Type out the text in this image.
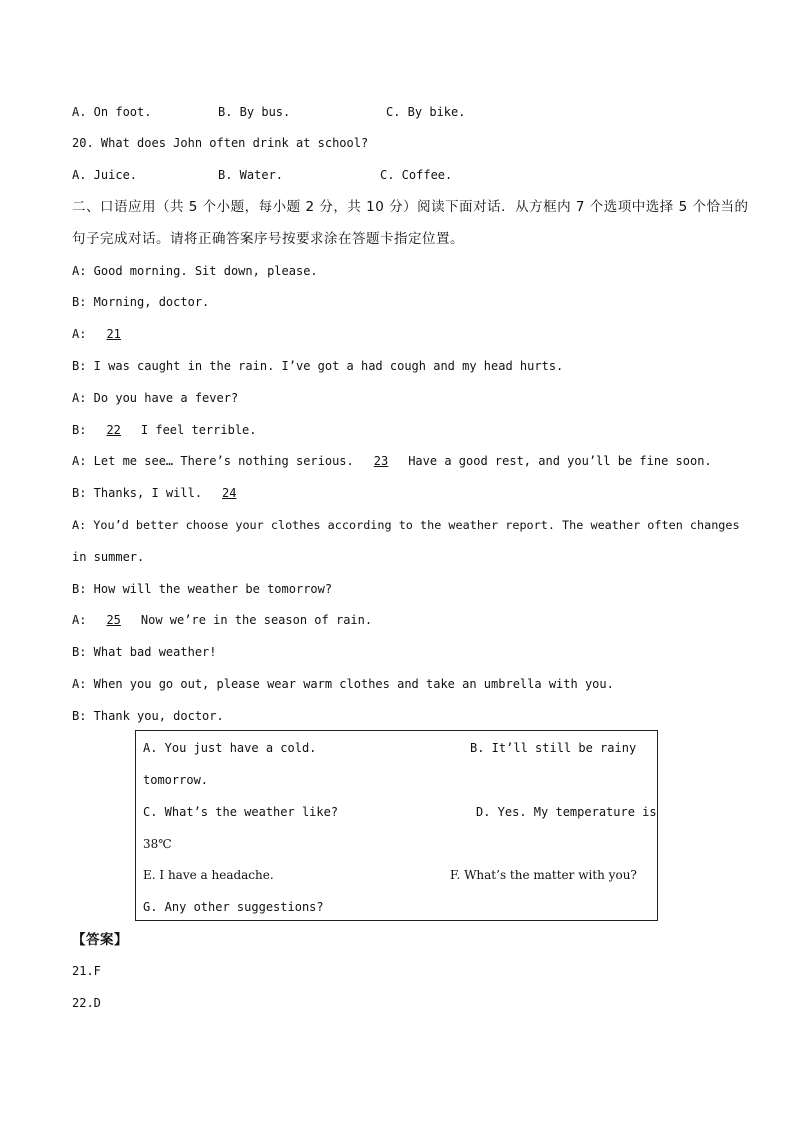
A. On foot.	B. By bus.	C. By bike.
20. What does John often drink at school?
A. Juice.	B. Water.	C. Coffee.
二、口语应用（共 5 个小题，每小题 2 分，共 10 分）阅读下面对话．从方框内 7 个选项中选择 5 个恰当的
句子完成对话。请将正确答案序号按要求涂在答题卡指定位置。
A: Good morning. Sit down, please.
B: Morning, doctor.
A: 21
B: I was caught in the rain. I’ve got a had cough and my head hurts.
A: Do you have a fever?
B: 22 I feel terrible.
A: Let me see… There’s nothing serious. 23 Have a good rest, and you’ll be fine soon.
B: Thanks, I will. 24
A: You’d better choose your clothes according to the weather report. The weather often changes
in summer.
B: How will the weather be tomorrow?
A: 25 Now we’re in the season of rain.
B: What bad weather!
A: When you go out, please wear warm clothes and take an umbrella with you.
B: Thank you, doctor.
A. You just have a cold.	B. It’ll still be rainy
tomorrow.
C. What’s the weather like?	D. Yes. My temperature is
38℃
E. I have a headache.	F. What’s the matter with you?
G. Any other suggestions?
【答案】
21.F
22.D
